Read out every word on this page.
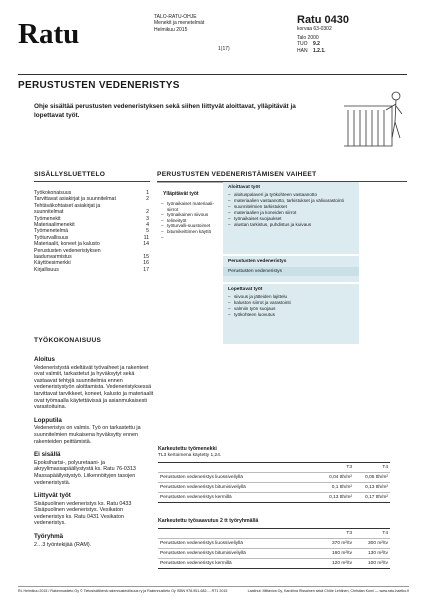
Ratu
TALO-RATU-OHJE
Menekit ja menetelmät
Helmikuu 2015
1(17)
Ratu 0430
korvaa 63-0302
Talo 2000
TUO	9.2
HAN	1.2.1.
PERUSTUSTEN VEDENERISTYS
Ohje sisältää perustusten vedeneristyksen sekä siihen liittyvät aloittavat, ylläpitävät ja lopettavat työt.
SISÄLLYSLUETTELO
Työkokonaisuus	1
Tarvittavat asiakirjat ja suunnitelmat	2
Tehtäväkohtaiset asiakirjat ja
suunnitelmat	2
Työmenekit	3
Materiaalimenekit	4
Työmenetelmä	5
Työturvallisuus	11
Materiaalit, koneet ja kalusto	14
Perustusten vedeneristyksen
laadunvarmistus	15
Käyttöesimerkki	16
Kirjallisuus	17
PERUSTUSTEN VEDENERISTÄMISEN VAIHEET
Ylläpitävät työt
– työnaikaiset materiaali-siirrot
– työnaikainen siivous
– telineityöt
– työturvalli-suustoimet
– bitumikeittimen käyttö
Aloittavat työt
– aloituspalaveri ja työkohteen vastaanotto
– materiaalien vastaanotto, tarkistukset ja välivarastointi
– suunnitelmien tarkistukset
– materiaalien ja koneiden siirrot
– työnaikaiset suojaukset
– alustan tarkistus, puhdistus ja kuivaus
Perustusten vedeneristys
Perustusten vedeneristys
Lopettavat työt
– siivous ja jätteiden lajittelu
– kaluston siirrot ja varastointi
– valmiin työn suojaus
– työkohteen luovutus
TYÖKOKONAISUUS
Aloitus

Vedeneristystä edeltävät työvaiheet ja rakenteet ovat valmiit, tarkastetut ja hyväksytyt sekä vastaavat tehtyjä suunnitelmia ennen vedeneristystyön aloittamista. Vedeneristyksessä tarvittavat tarvikkeet, koneet, kalusto ja materiaalit ovat työmaalla käytettävissä ja asianmukaisesti varastoituina.

Lopputila

Vedeneristys on valmis. Työ on tarkastettu ja suunnitelmien mukaisena hyväksytty ennen rakenteiden peittämistä.

Ei sisällä

Epoksihartsi-, polyuretaani- ja akryylimassapäällystystä ks. Ratu 76-0313 Massapäällystystyö. Liikennöityjen tasojen vedeneristystä.

Liittyvät työt

Sisäpuolinen vedeneristys ks. Ratu 0433 Sisäpuolinen vedeneristys. Vesikaton vedeneristys ks. Ratu 0431 Vesikaton vedeneristys.

Työryhmä

2…3 työntekijää (RAM).

Karkeutettu työmenekki
TL3 kertoimena käytetty 1,24.
	T3	T4
Perustusten vedeneristys liuossiveliyllä	0,04 tth/m²	0,05 tth/m²
Perustusten vedeneristys bitumisiveliyllä	0,1 tth/m²	0,13 tth/m²
Perustusten vedeneristys kermillä	0,13 tth/m²	0,17 tth/m²
Karkeutettu työsaavutus 2 tt työryhmällä
	T3	T4
Perustusten vedeneristys liuossiveliyllä	370 m²/tv	300 m²/tv
Perustusten vedeneristys bitumisiveliyllä	160 m²/tv	130 m²/tv
Perustusten vedeneristys kermillä	120 m²/tv	100 m²/tv
RL Helmikuu 2015 / Rakennustieto Oy © Tietosisältöenä rakennusteollisuus ry ja Rakennustieto Oy ISBN 978-951-682-... RT1 2015	Laatinut: Mittaviva Oy, Karoliina Rissainen sekä Chlöe Lehtinen, Christian Kumi — www.ratu-haetko.fi
